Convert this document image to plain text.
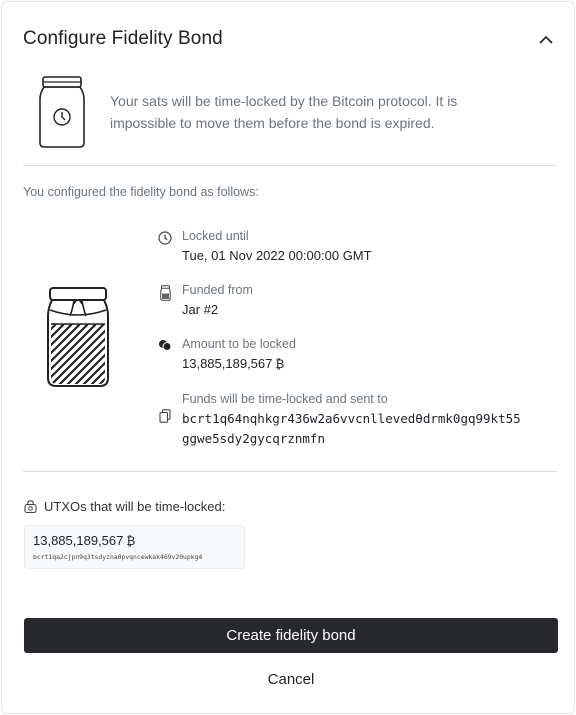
Configure Fidelity Bond
Your sats will be time-locked by the Bitcoin protocol. It is impossible to move them before the bond is expired.
You configured the fidelity bond as follows:
Locked until
Tue, 01 Nov 2022 00:00:00 GMT
Funded from
Jar #2
Amount to be locked
13,885,189,567 ₿
Funds will be time-locked and sent to
bcrt1q64nqhkgr436w2a6vvcnllevedθdrmk0gq99kt55
ggwe5sdy2gycqrznmfn
UTXOs that will be time-locked:
13,885,189,567 ₿
bcrt1qa2cjpn9q3tsdyzna0pvqncewkak469v20upkg4
Create fidelity bond
Cancel
